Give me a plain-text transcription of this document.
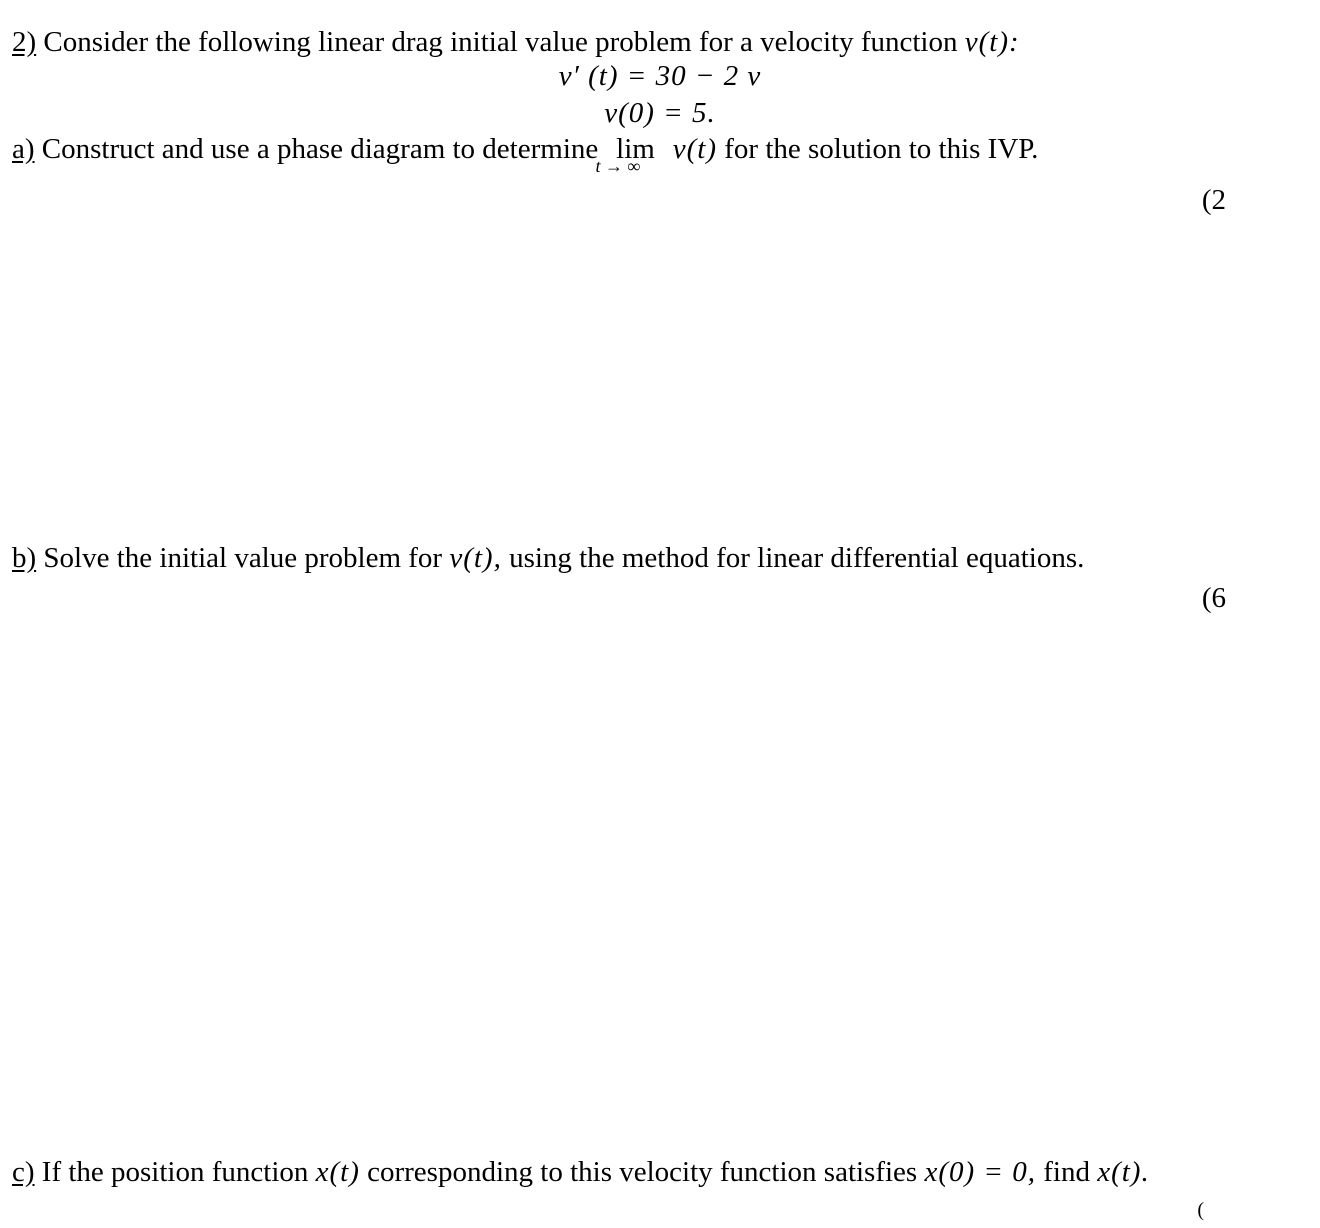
2) Consider the following linear drag initial value problem for a velocity function v(t):
v′ (t) = 30 − 2 v
v(0) = 5.
a) Construct and use a phase diagram to determine lim
t → ∞
v(t) for the solution to this IVP.
(2
b) Solve the initial value problem for v(t), using the method for linear differential equations.
(6
c) If the position function x(t) corresponding to this velocity function satisfies x(0) = 0, find x(t).
(
